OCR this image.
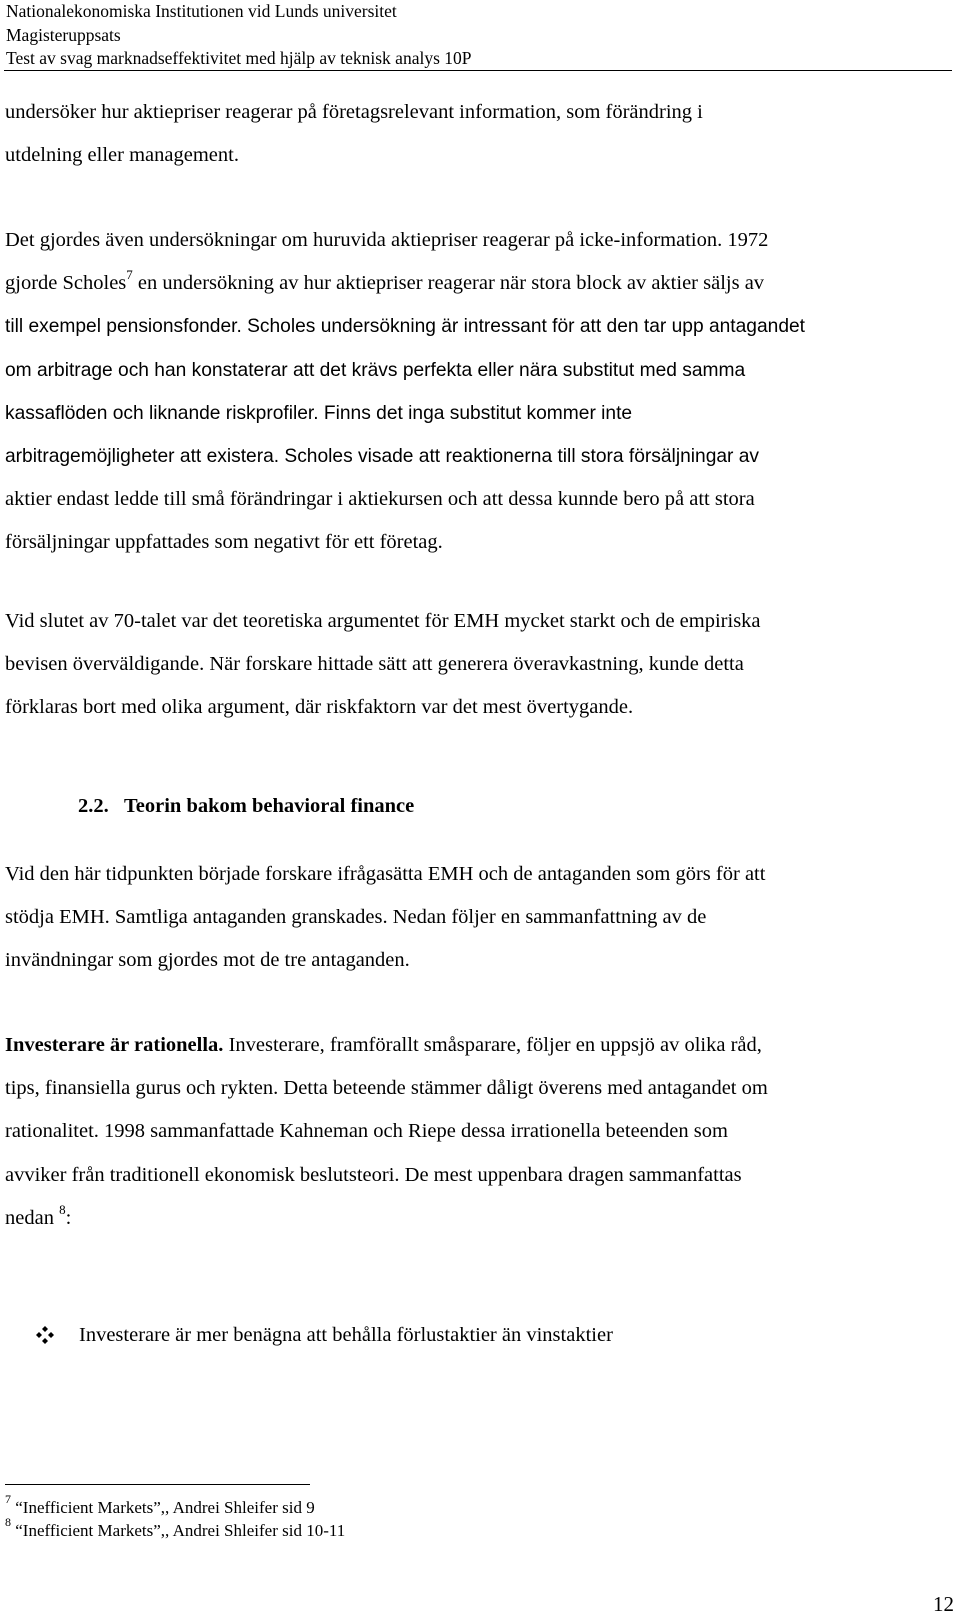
Nationalekonomiska Institutionen vid Lunds universitet
Magisteruppsats
Test av svag marknadseffektivitet med hjälp av teknisk analys 10P
undersöker hur aktiepriser reagerar på företagsrelevant information, som förändring i
utdelning eller management.
Det gjordes även undersökningar om huruvida aktiepriser reagerar på icke-information. 1972
gjorde Scholes$^7$ en undersökning av hur aktiepriser reagerar när stora block av aktier säljs av
till exempel pensionsfonder. Scholes undersökning är intressant för att den tar upp antagandet
om arbitrage och han konstaterar att det krävs perfekta eller nära substitut med samma
kassaflöden och liknande riskprofiler. Finns det inga substitut kommer inte
arbitragemöjligheter att existera. Scholes visade att reaktionerna till stora försäljningar av
aktier endast ledde till små förändringar i aktiekursen och att dessa kunnde bero på att stora
försäljningar uppfattades som negativt för ett företag.
Vid slutet av 70-talet var det teoretiska argumentet för EMH mycket starkt och de empiriska
bevisen överväldigande. När forskare hittade sätt att generera överavkastning, kunde detta
förklaras bort med olika argument, där riskfaktorn var det mest övertygande.
2.2. Teorin bakom behavioral finance
Vid den här tidpunkten började forskare ifrågasätta EMH och de antaganden som görs för att
stödja EMH. Samtliga antaganden granskades. Nedan följer en sammanfattning av de
invändningar som gjordes mot de tre antaganden.
Investerare är rationella. Investerare, framförallt småsparare, följer en uppsjö av olika råd,
tips, finansiella gurus och rykten. Detta beteende stämmer dåligt överens med antagandet om
rationalitet. 1998 sammanfattade Kahneman och Riepe dessa irrationella beteenden som
avviker från traditionell ekonomisk beslutsteori. De mest uppenbara dragen sammanfattas
nedan $^8$:
Investerare är mer benägna att behålla förlustaktier än vinstaktier
$^7$ “Inefficient Markets”,, Andrei Shleifer sid 9
$^8$ “Inefficient Markets”,, Andrei Shleifer sid 10-11
12
